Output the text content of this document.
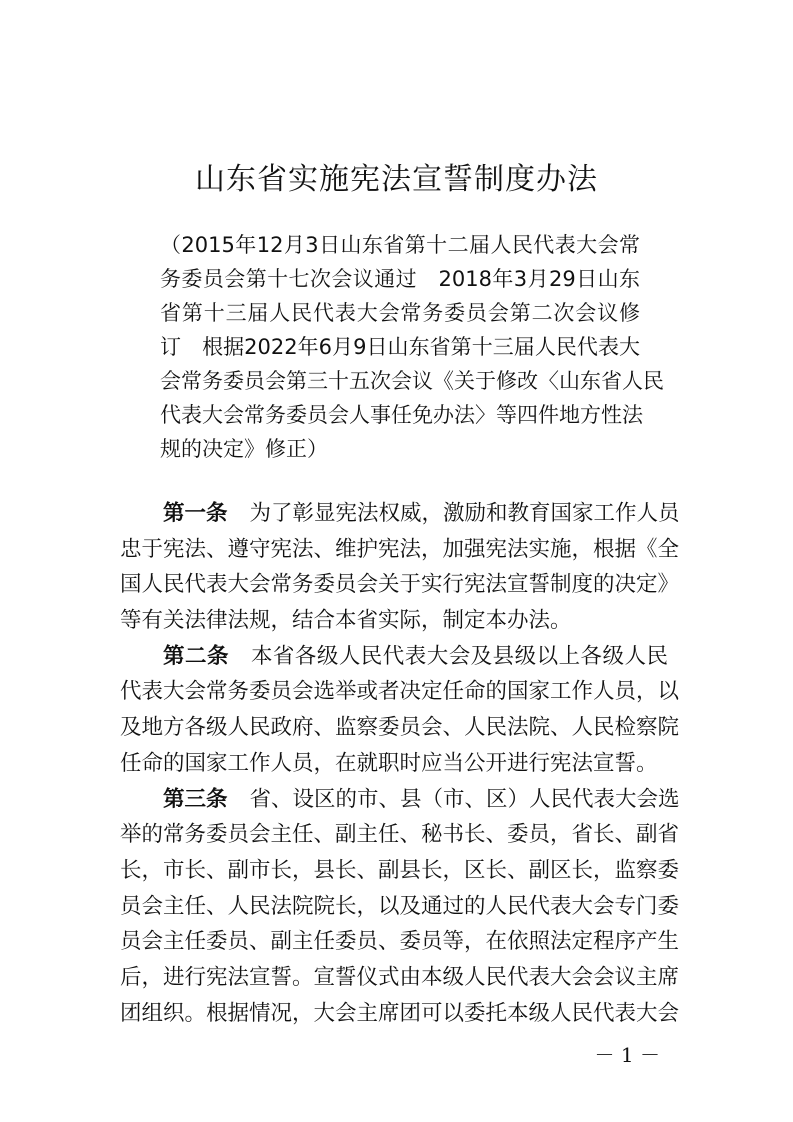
山东省实施宪法宣誓制度办法
（2015年12月3日山东省第十二届人民代表大会常
务委员会第十七次会议通过　2018年3月29日山东
省第十三届人民代表大会常务委员会第二次会议修
订　根据2022年6月9日山东省第十三届人民代表大
会常务委员会第三十五次会议《关于修改〈山东省人民
代表大会常务委员会人事任免办法〉等四件地方性法
规的决定》修正）
第一条 为了彰显宪法权威，激励和教育国家工作人员
忠于宪法、遵守宪法、维护宪法，加强宪法实施，根据《全
国人民代表大会常务委员会关于实行宪法宣誓制度的决定》
等有关法律法规，结合本省实际，制定本办法。
第二条 本省各级人民代表大会及县级以上各级人民
代表大会常务委员会选举或者决定任命的国家工作人员，以
及地方各级人民政府、监察委员会、人民法院、人民检察院
任命的国家工作人员，在就职时应当公开进行宪法宣誓。
第三条 省、设区的市、县（市、区）人民代表大会选
举的常务委员会主任、副主任、秘书长、委员，省长、副省
长，市长、副市长，县长、副县长，区长、副区长，监察委
员会主任、人民法院院长，以及通过的人民代表大会专门委
员会主任委员、副主任委员、委员等，在依照法定程序产生
后，进行宪法宣誓。宣誓仪式由本级人民代表大会会议主席
团组织。根据情况，大会主席团可以委托本级人民代表大会
－ 1 －
